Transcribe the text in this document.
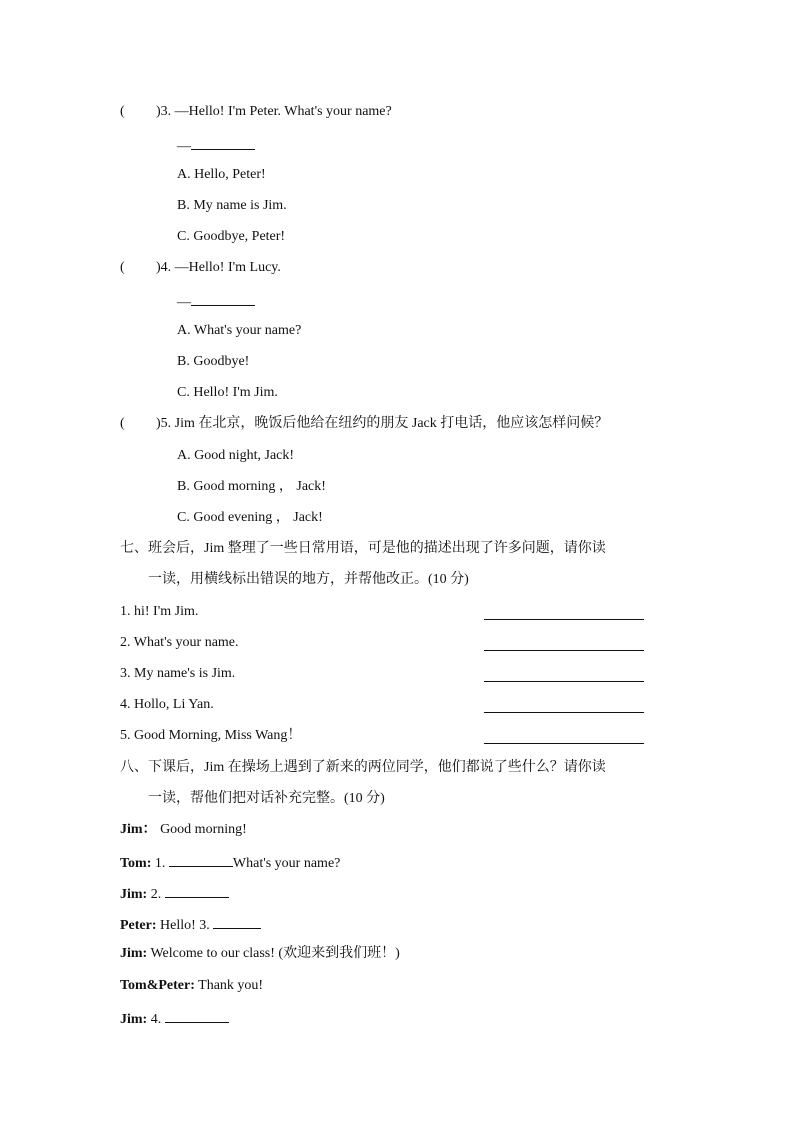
( )3. —Hello! I'm Peter. What's your name?
—
A. Hello, Peter!
B. My name is Jim.
C. Goodbye, Peter!
( )4. —Hello! I'm Lucy.
—
A. What's your name?
B. Goodbye!
C. Hello! I'm Jim.
( )5. Jim 在北京，晚饭后他给在纽约的朋友 Jack 打电话，他应该怎样问候？
A. Good night, Jack!
B. Good morning ， Jack!
C. Good evening ， Jack!
七、班会后，Jim 整理了一些日常用语，可是他的描述出现了许多问题，请你读
一读，用横线标出错误的地方，并帮他改正。(10 分)
1. hi! I'm Jim.
2. What's your name.
3. My name's is Jim.
4. Hollo, Li Yan.
5. Good Morning, Miss Wang！
八、下课后，Jim 在操场上遇到了新来的两位同学，他们都说了些什么？请你读
一读，帮他们把对话补充完整。(10 分)
Jim： Good morning!
Tom: 1.	What's your name?
Jim: 2.
Peter: Hello! 3.
Jim: Welcome to our class! (欢迎来到我们班！)
Tom&Peter: Thank you!
Jim: 4.
